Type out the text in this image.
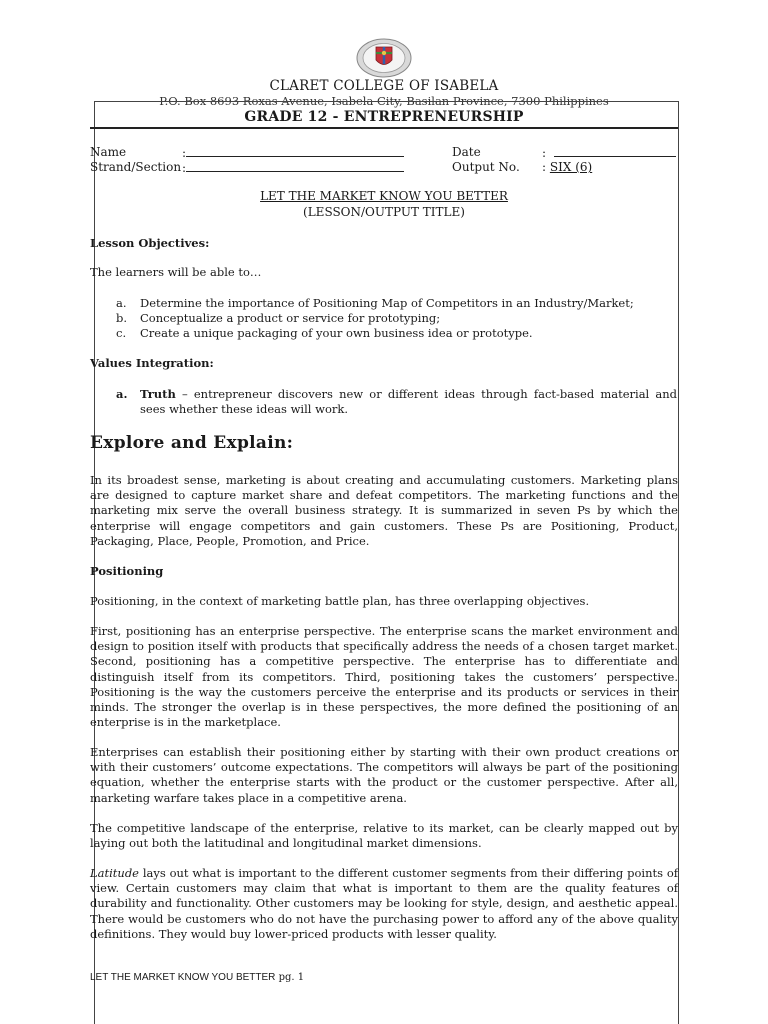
CLARET COLLEGE OF ISABELA
P.O. Box 8693 Roxas Avenue, Isabela City, Basilan Province, 7300 Philippines
GRADE 12 - ENTREPRENEURSHIP
Name	:
Strand/Section :
Date	:
Output No. : SIX (6)
LET THE MARKET KNOW YOU BETTER
(LESSON/OUTPUT TITLE)
Lesson Objectives:
The learners will be able to…
a. Determine the importance of Positioning Map of Competitors in an Industry/Market;
b. Conceptualize a product or service for prototyping;
c. Create a unique packaging of your own business idea or prototype.
Values Integration:
a. Truth – entrepreneur discovers new or different ideas through fact-based material and sees whether these ideas will work.
Explore and Explain:
In its broadest sense, marketing is about creating and accumulating customers. Marketing plans are designed to capture market share and defeat competitors. The marketing functions and the marketing mix serve the overall business strategy. It is summarized in seven Ps by which the enterprise will engage competitors and gain customers. These Ps are Positioning, Product, Packaging, Place, People, Promotion, and Price.
Positioning
Positioning, in the context of marketing battle plan, has three overlapping objectives.
First, positioning has an enterprise perspective. The enterprise scans the market environment and design to position itself with products that specifically address the needs of a chosen target market. Second, positioning has a competitive perspective. The enterprise has to differentiate and distinguish itself from its competitors. Third, positioning takes the customers’ perspective. Positioning is the way the customers perceive the enterprise and its products or services in their minds. The stronger the overlap is in these perspectives, the more defined the positioning of an enterprise is in the marketplace.
Enterprises can establish their positioning either by starting with their own product creations or with their customers’ outcome expectations. The competitors will always be part of the positioning equation, whether the enterprise starts with the product or the customer perspective. After all, marketing warfare takes place in a competitive arena.
The competitive landscape of the enterprise, relative to its market, can be clearly mapped out by laying out both the latitudinal and longitudinal market dimensions.
Latitude lays out what is important to the different customer segments from their differing points of view. Certain customers may claim that what is important to them are the quality features of durability and functionality. Other customers may be looking for style, design, and aesthetic appeal. There would be customers who do not have the purchasing power to afford any of the above quality definitions. They would buy lower-priced products with lesser quality.
LET THE MARKET KNOW YOU BETTER pg. 1
